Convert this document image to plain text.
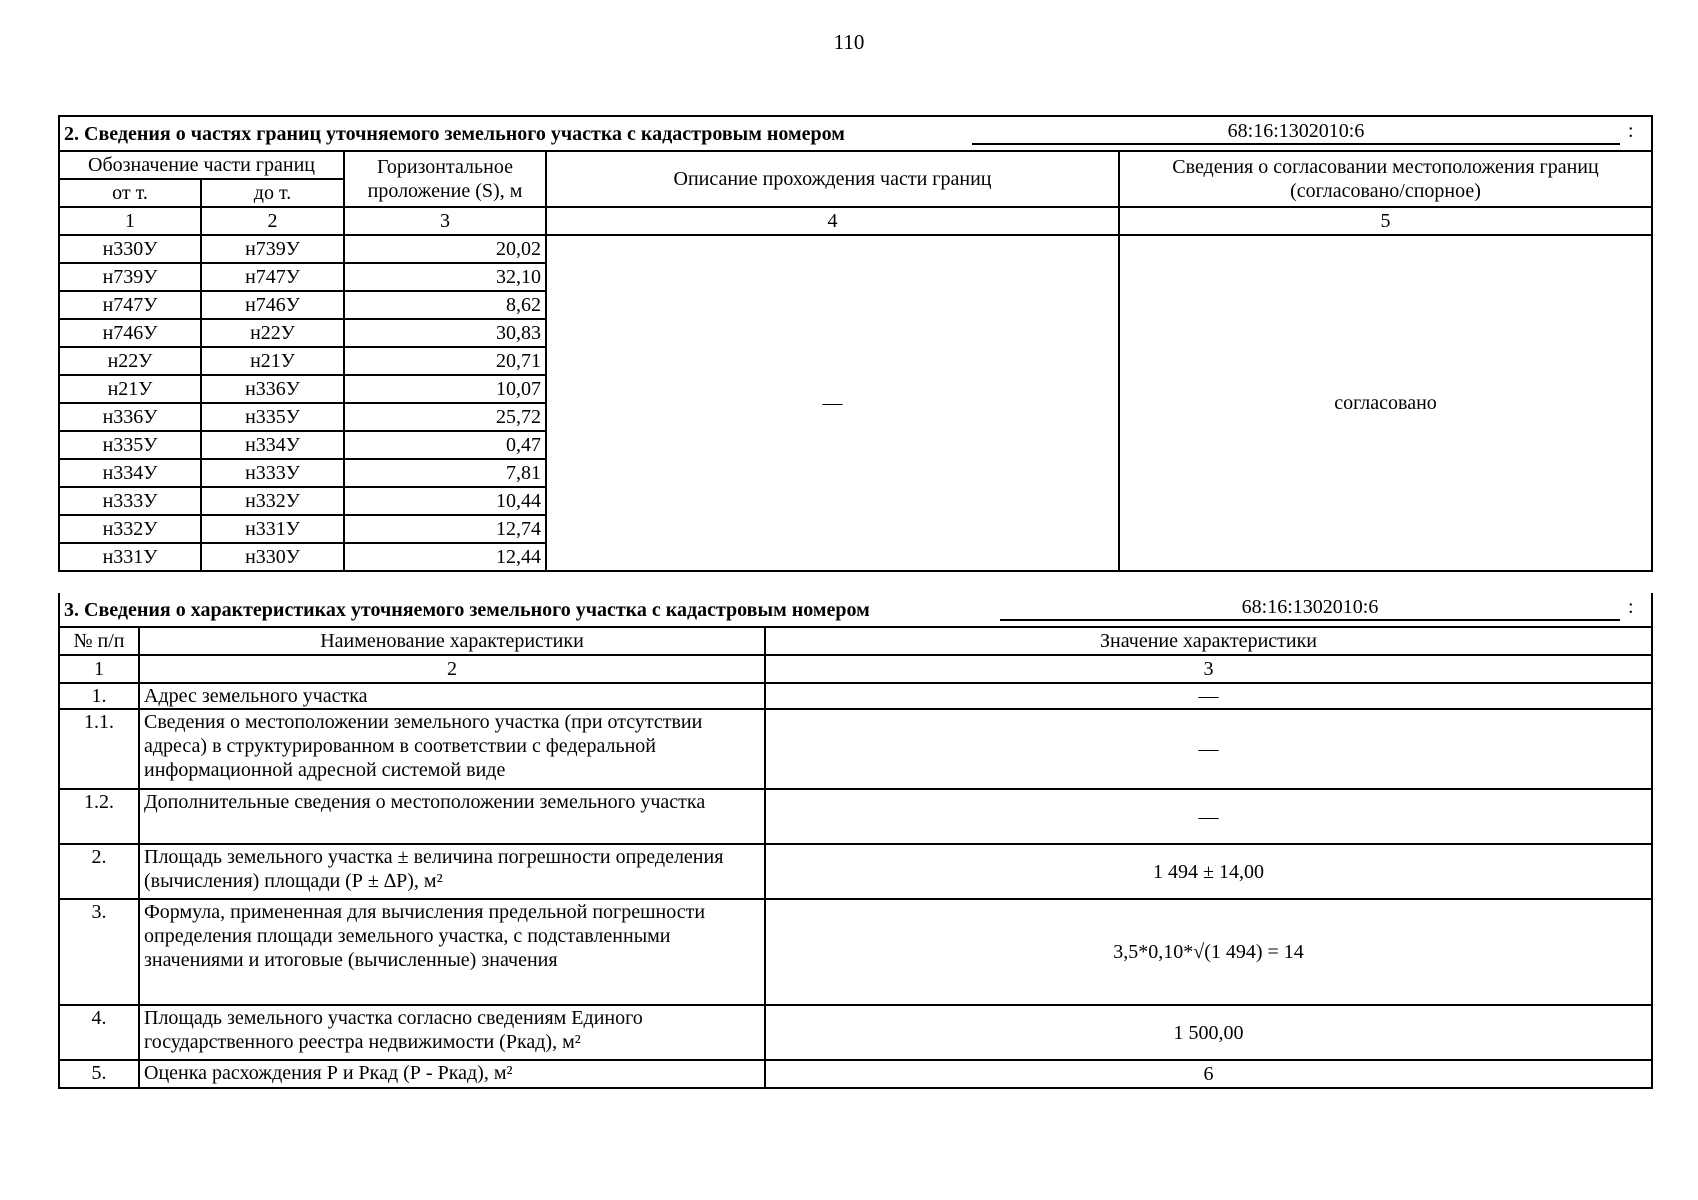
110
2. Сведения о частях границ уточняемого земельного участка с кадастровым номером 68:16:1302010:6 :				

Обозначение части границ		Горизонтальное проложение (S), м	Описание прохождения части границ	Сведения о согласовании местоположения границ (согласовано/спорное)
от т.	до т.			
1	2	3	4	5
н330У	н739У	20,02	—	согласовано
н739У	н747У	32,10		
н747У	н746У	8,62		
н746У	н22У	30,83		
н22У	н21У	20,71		
н21У	н336У	10,07		
н336У	н335У	25,72		
н335У	н334У	0,47		
н334У	н333У	7,81		
н333У	н332У	10,44		
н332У	н331У	12,74		
н331У	н330У	12,44		
3. Сведения о характеристиках уточняемого земельного участка с кадастровым номером 68:16:1302010:6 :		

№ п/п	Наименование характеристики	Значение характеристики
1	2	3
1.	Адрес земельного участка	—
1.1.	Сведения о местоположении земельного участка (при отсутствии адреса) в структурированном в соответствии с федеральной информационной адресной системой виде	—
1.2.	Дополнительные сведения о местоположении земельного участка	—
2.	Площадь земельного участка ± величина погрешности определения (вычисления) площади (Р ± ∆Р), м²	1 494 ± 14,00
3.	Формула, примененная для вычисления предельной погрешности определения площади земельного участка, с подставленными значениями и итоговые (вычисленные) значения	3,5*0,10*√(1 494) = 14
4.	Площадь земельного участка согласно сведениям Единого государственного реестра недвижимости (Ркад), м²	1 500,00
5.	Оценка расхождения Р и Ркад (Р - Ркад), м²	6
